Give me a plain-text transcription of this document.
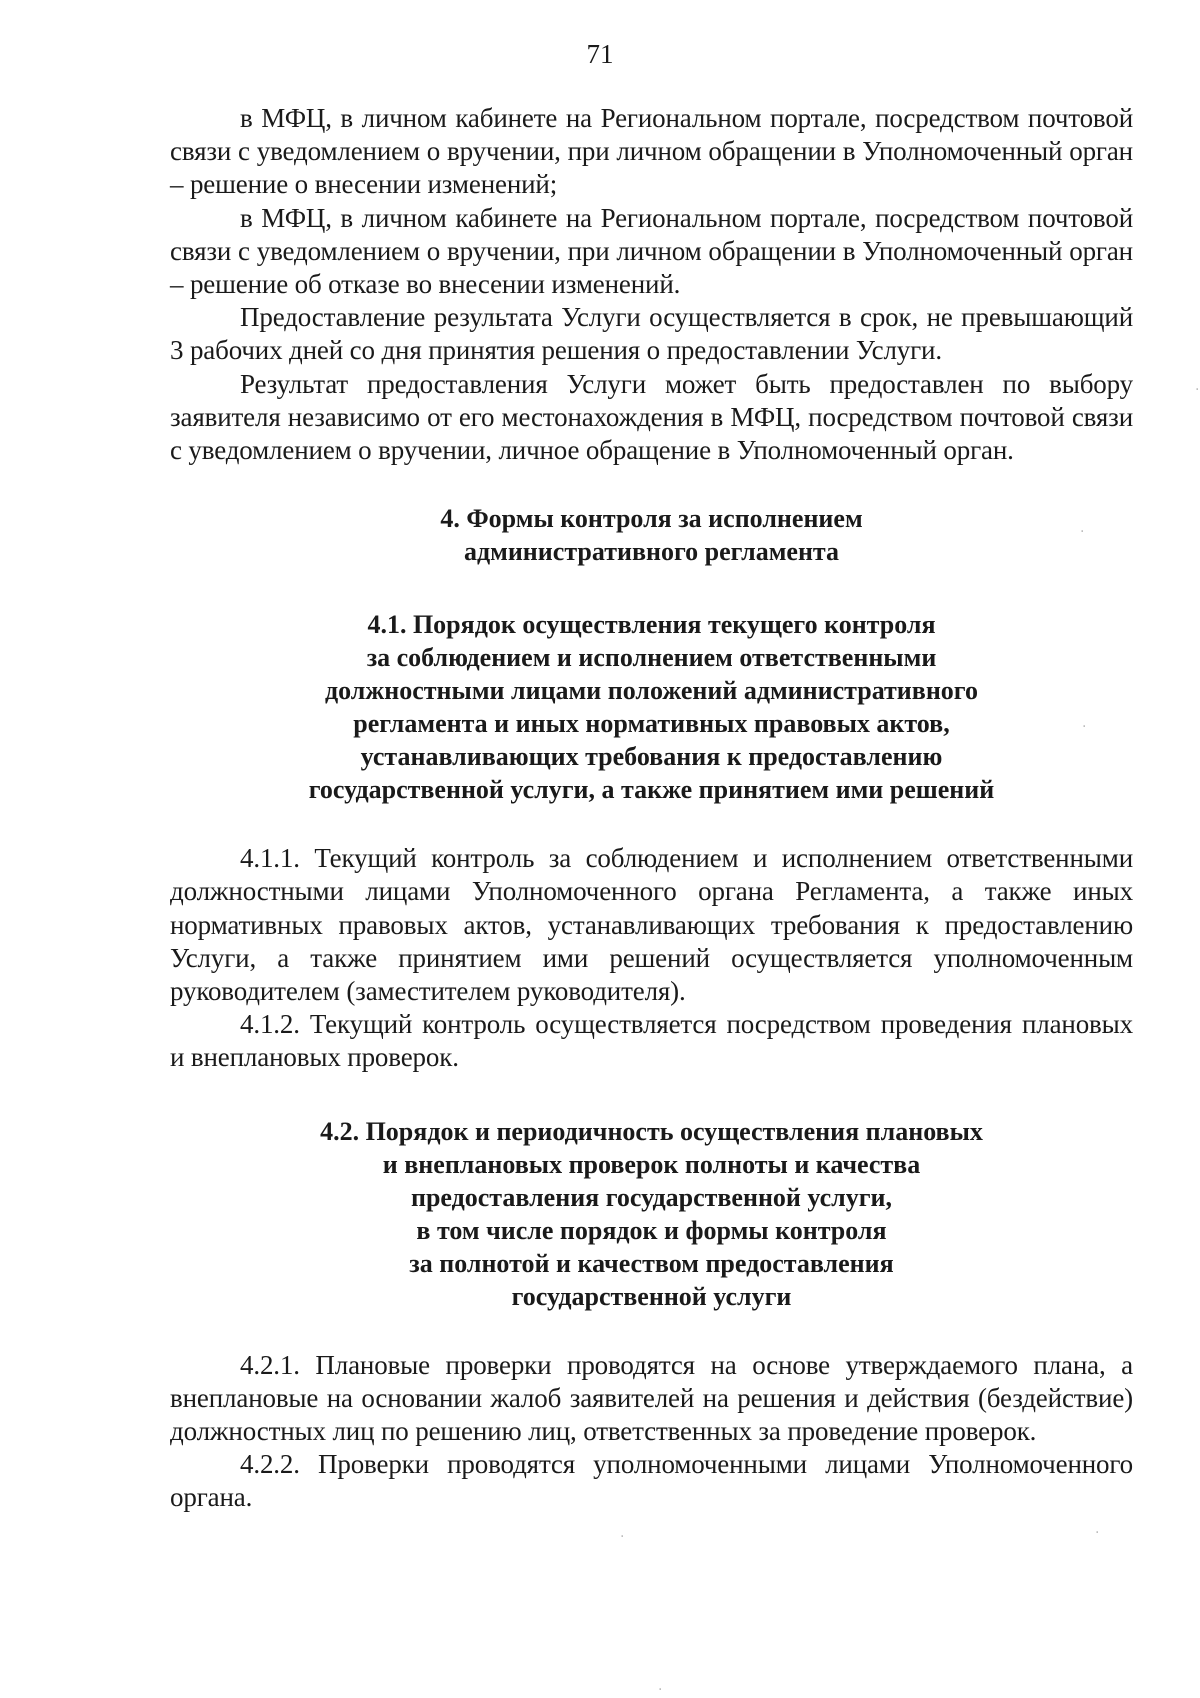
71

в МФЦ, в личном кабинете на Региональном портале, посредством почтовой связи с уведомлением о вручении, при личном обращении в Уполномоченный орган – решение о внесении изменений;

в МФЦ, в личном кабинете на Региональном портале, посредством почтовой связи с уведомлением о вручении, при личном обращении в Уполномоченный орган – решение об отказе во внесении изменений.

Предоставление результата Услуги осуществляется в срок, не превышающий 3 рабочих дней со дня принятия решения о предоставлении Услуги.

Результат предоставления Услуги может быть предоставлен по выбору заявителя независимо от его местонахождения в МФЦ, посредством почтовой связи с уведомлением о вручении, личное обращение в Уполномоченный орган.

4. Формы контроля за исполнением
административного регламента
4.1. Порядок осуществления текущего контроля
за соблюдением и исполнением ответственными
должностными лицами положений административного
регламента и иных нормативных правовых актов,
устанавливающих требования к предоставлению
государственной услуги, а также принятием ими решений

4.1.1. Текущий контроль за соблюдением и исполнением ответственными должностными лицами Уполномоченного органа Регламента, а также иных нормативных правовых актов, устанавливающих требования к предоставлению Услуги, а также принятием ими решений осуществляется уполномоченным руководителем (заместителем руководителя).

4.1.2. Текущий контроль осуществляется посредством проведения плановых и внеплановых проверок.

4.2. Порядок и периодичность осуществления плановых
и внеплановых проверок полноты и качества
предоставления государственной услуги,
в том числе порядок и формы контроля
за полнотой и качеством предоставления
государственной услуги

4.2.1. Плановые проверки проводятся на основе утверждаемого плана, а внеплановые на основании жалоб заявителей на решения и действия (бездействие) должностных лиц по решению лиц, ответственных за проведение проверок.

4.2.2. Проверки проводятся уполномоченными лицами Уполномоченного органа.

·
·
·
·
·
·
